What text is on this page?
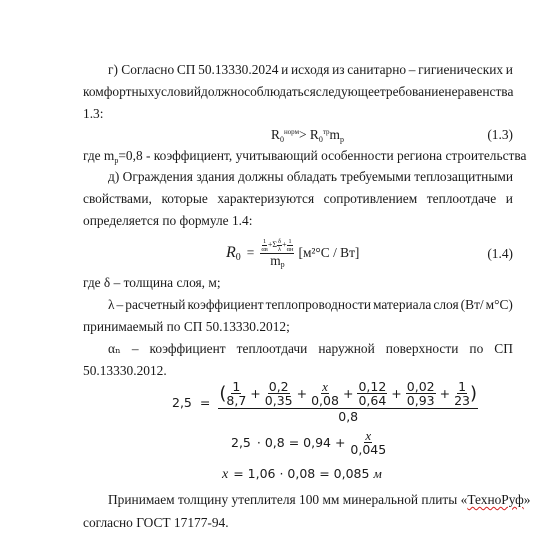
г) Согласно СП 50.13330.2024 и исходя из санитарно – гигиенических и
комфортных условий должно соблюдаться следующее требование неравенства
1.3:
$R_0^{норм}> R_0^{тр}m_p$	(1.3)
где $m_p=0,8$ - коэффициент, учитывающий особенности региона строительства
д) Ограждения здания должны обладать требуемыми теплозащитными
свойствами, которые характеризуются сопротивлением теплоотдаче и
определяется по формуле 1.4:
R $0 = \frac{\frac{1}{\alpha в} +\Sigma \frac{\delta}{\lambda} + \frac{1}{\alpha н}}{mp} [м^2^\circ C / Вт]$	(1.4)
где δ – толщина слоя, м;
λ – расчетный коэффициент теплопроводности материала слоя (Вт/ м°C)
принимаемый по СП 50.13330.2012;
αₙ – коэффициент теплоотдачи наружной поверхности по СП
50.13330.2012.
2,5 = ( $\frac{1}{8,7} + \frac{0,2}{0,35} + \frac{x}{0,08} + \frac{0,12}{0,64} + \frac{0,02}{0,93} + \frac{1}{23}$ )
0,8
$2,5 \cdot 0,8 = 0,94 + \frac{x}{0,045}$
x = 1,06 · 0,08 = 0,085 м
Принимаем толщину утеплителя 100 мм минеральной плиты «ТехноРуф»
согласно ГОСТ 17177-94.
